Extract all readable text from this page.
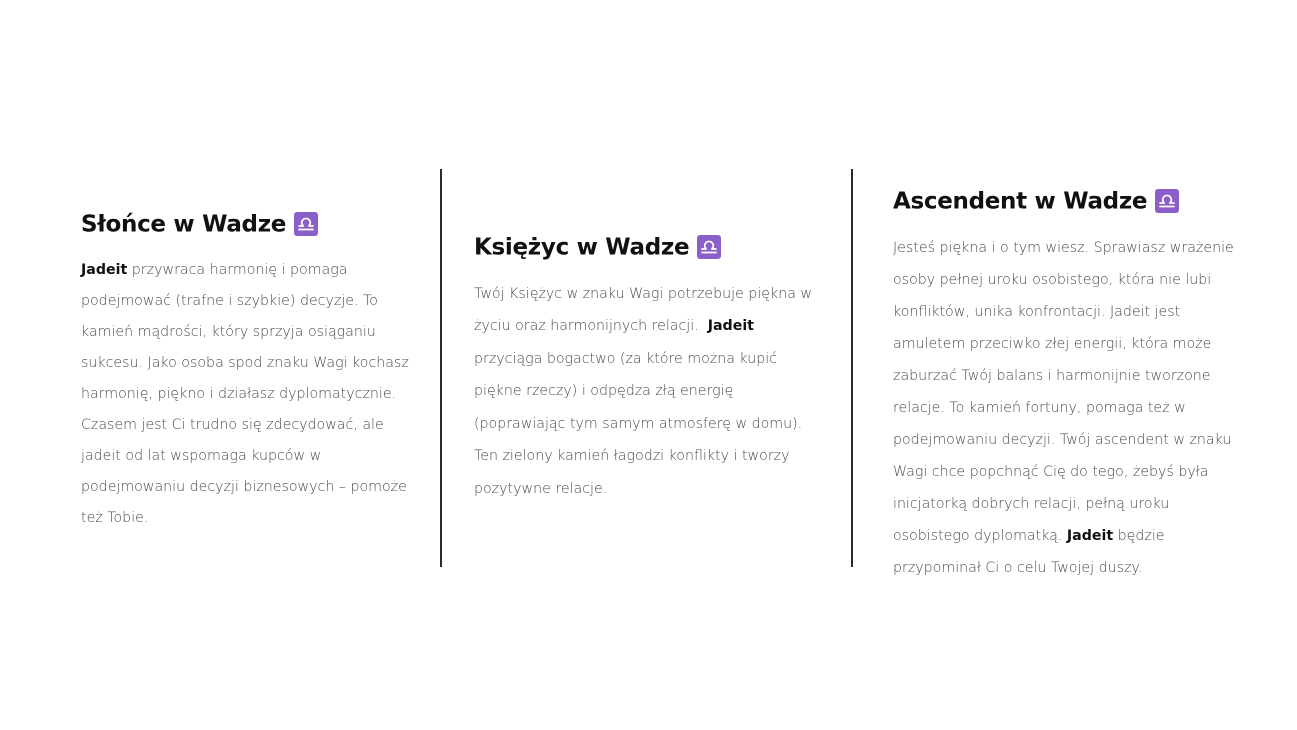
Słońce w Wadze

Jadeit przywraca harmonię i pomaga podejmować (trafne i szybkie) decyzje. To kamień mądrości, który sprzyja osiąganiu sukcesu. Jako osoba spod znaku Wagi kochasz harmonię, piękno i działasz dyplomatycznie. Czasem jest Ci trudno się zdecydować, ale jadeit od lat wspomaga kupców w podejmowaniu decyzji biznesowych – pomoże też Tobie.

Księżyc w Wadze

Twój Księżyc w znaku Wagi potrzebuje piękna w życiu oraz harmonijnych relacji.  Jadeit przyciąga bogactwo (za które można kupić piękne rzeczy) i odpędza złą energię (poprawiając tym samym atmosferę w domu). Ten zielony kamień łagodzi konflikty i tworzy pozytywne relacje.

Ascendent w Wadze

Jesteś piękna i o tym wiesz. Sprawiasz wrażenie osoby pełnej uroku osobistego, która nie lubi konfliktów, unika konfrontacji. Jadeit jest amuletem przeciwko złej energii, która może zaburzać Twój balans i harmonijnie tworzone relacje. To kamień fortuny, pomaga też w podejmowaniu decyzji. Twój ascendent w znaku Wagi chce popchnąć Cię do tego, żebyś była inicjatorką dobrych relacji, pełną uroku osobistego dyplomatką. Jadeit będzie przypominał Ci o celu Twojej duszy.
